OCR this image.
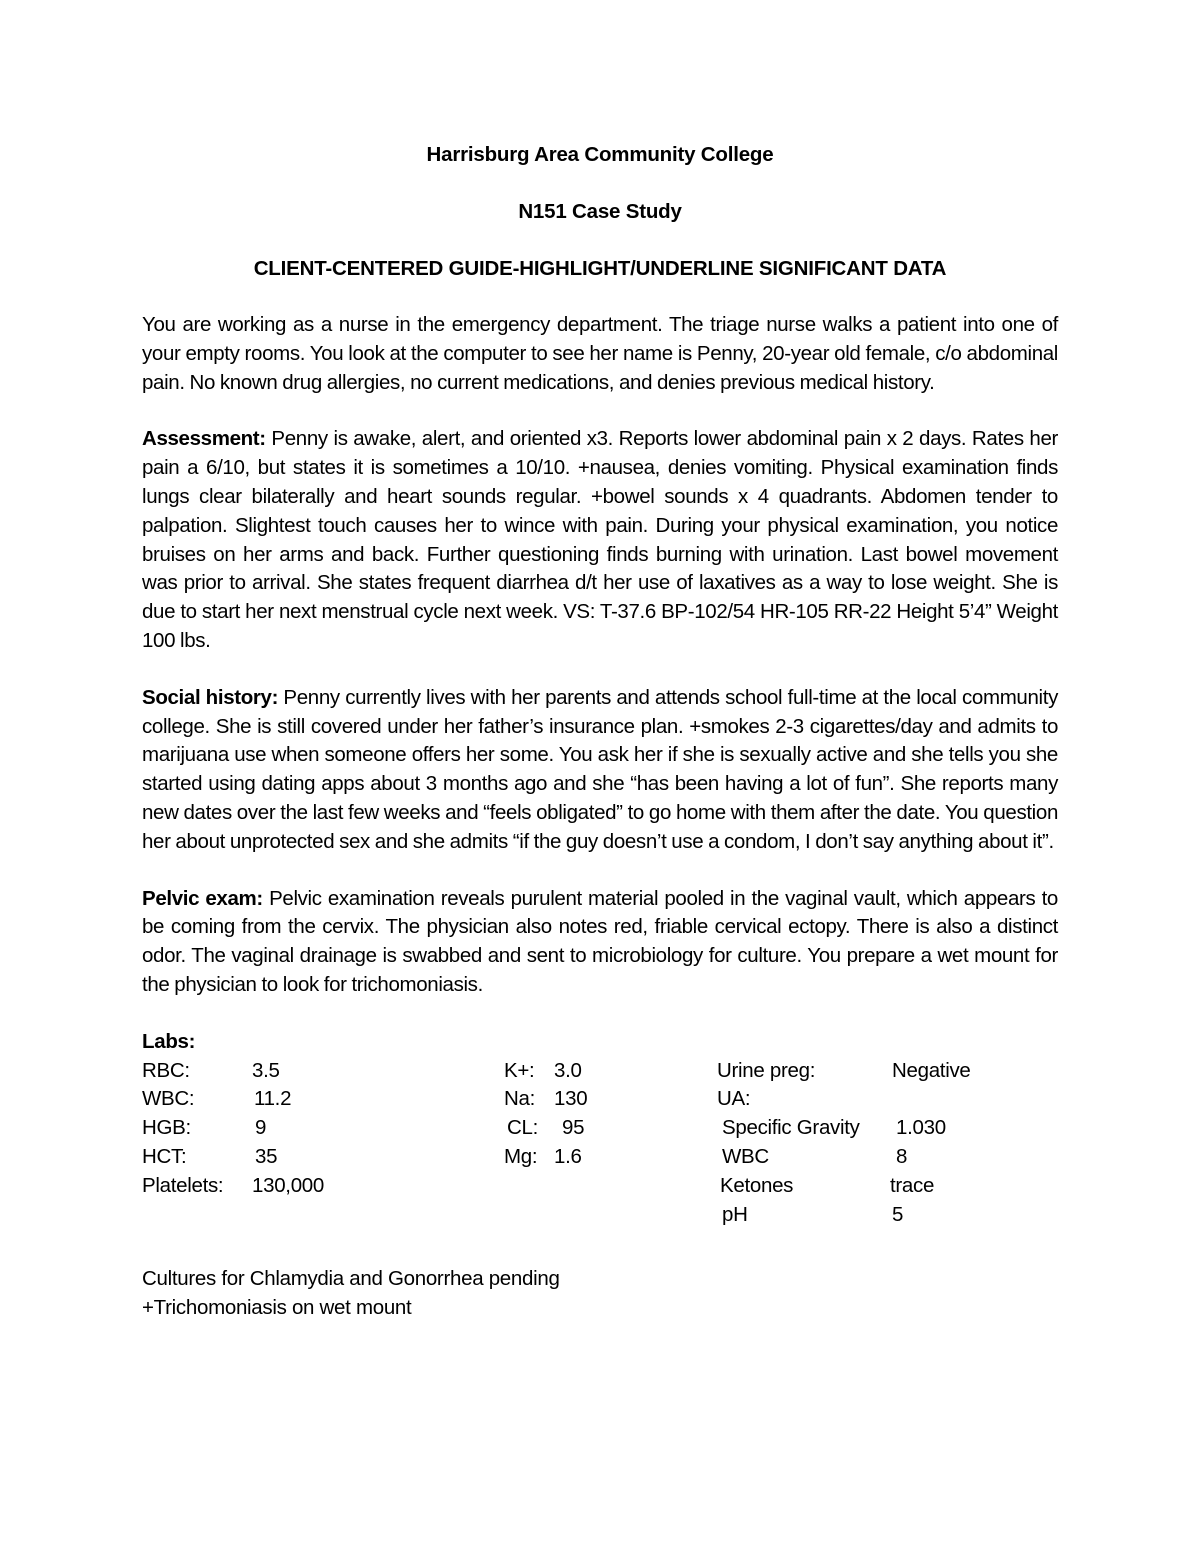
Harrisburg Area Community College

N151 Case Study

CLIENT-CENTERED GUIDE-HIGHLIGHT/UNDERLINE SIGNIFICANT DATA

You are working as a nurse in the emergency department. The triage nurse walks a patient into one of your empty rooms. You look at the computer to see her name is Penny, 20-year old female, c/o abdominal pain. No known drug allergies, no current medications, and denies previous medical history.

Assessment: Penny is awake, alert, and oriented x3. Reports lower abdominal pain x 2 days. Rates her pain a 6/10, but states it is sometimes a 10/10. +nausea, denies vomiting. Physical examination finds lungs clear bilaterally and heart sounds regular. +bowel sounds x 4 quadrants. Abdomen tender to palpation. Slightest touch causes her to wince with pain. During your physical examination, you notice bruises on her arms and back. Further questioning finds burning with urination. Last bowel movement was prior to arrival. She states frequent diarrhea d/t her use of laxatives as a way to lose weight. She is due to start her next menstrual cycle next week. VS: T-37.6 BP-102/54 HR-105 RR-22 Height 5’4” Weight 100 lbs.

Social history: Penny currently lives with her parents and attends school full-time at the local community college. She is still covered under her father’s insurance plan. +smokes 2-3 cigarettes/day and admits to marijuana use when someone offers her some. You ask her if she is sexually active and she tells you she started using dating apps about 3 months ago and she “has been having a lot of fun”. She reports many new dates over the last few weeks and “feels obligated” to go home with them after the date. You question her about unprotected sex and she admits “if the guy doesn’t use a condom, I don’t say anything about it”.

Pelvic exam: Pelvic examination reveals purulent material pooled in the vaginal vault, which appears to be coming from the cervix. The physician also notes red, friable cervical ectopy. There is also a distinct odor. The vaginal drainage is swabbed and sent to microbiology for culture. You prepare a wet mount for the physician to look for trichomoniasis.

Labs:
RBC:	3.5
WBC:	11.2
HGB:	9
HCT:	35
Platelets: 130,000
K+: 3.0
Na: 130
CL: 95
Mg: 1.6
Urine preg:	Negative
UA:
Specific Gravity 1.030
WBC	8
Ketones	trace
pH	5
Cultures for Chlamydia and Gonorrhea pending
+Trichomoniasis on wet mount
